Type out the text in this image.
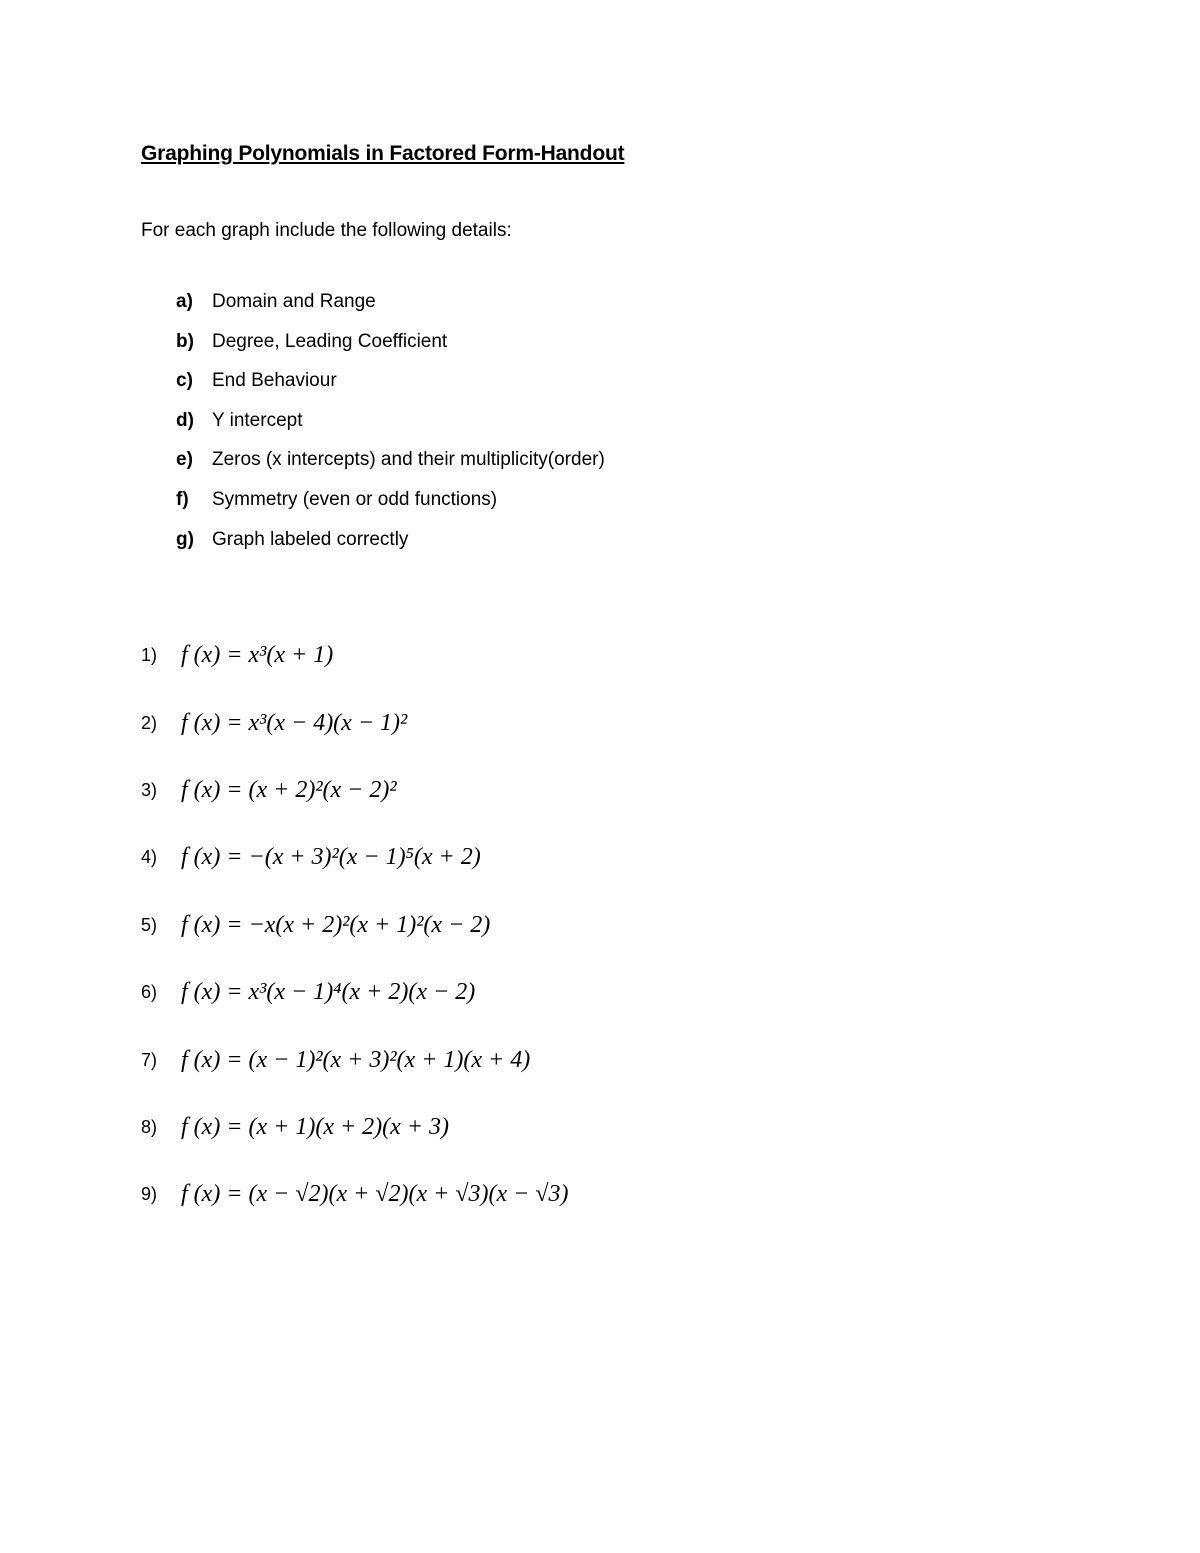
Graphing Polynomials in Factored Form-Handout
For each graph include the following details:
a)	Domain and Range
b) Degree, Leading Coefficient
c)	End Behaviour
d) Y intercept
e)	Zeros (x intercepts) and their multiplicity(order)
f)	Symmetry (even or odd functions)
g) Graph labeled correctly
1) f (x) = x³(x + 1)
2) f (x) = x³(x − 4)(x − 1)²
3) f (x) = (x + 2)²(x − 2)²
4) f (x) = −(x + 3)²(x − 1)⁵(x + 2)
5) f (x) = −x(x + 2)²(x + 1)²(x − 2)
6) f (x) = x³(x − 1)⁴(x + 2)(x − 2)
7) f (x) = (x − 1)²(x + 3)²(x + 1)(x + 4)
8) f (x) = (x + 1)(x + 2)(x + 3)
9) f (x) = (x − √2)(x + √2)(x + √3)(x − √3)
